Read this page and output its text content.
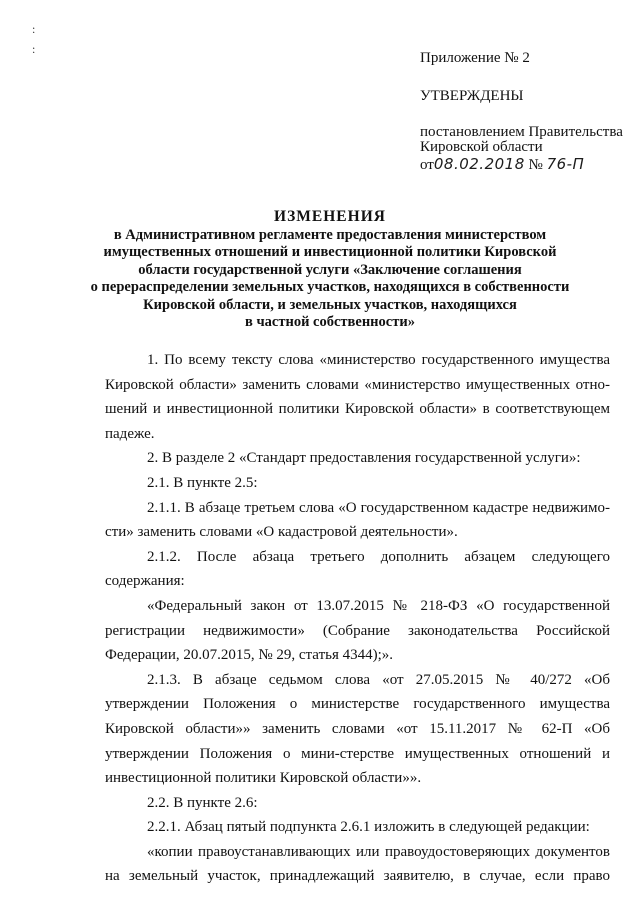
:
:
Приложение № 2
УТВЕРЖДЕНЫ
постановлением Правительства
Кировской области
от08.02.2018 № 76-П
ИЗМЕНЕНИЯ
в Административном регламенте предоставления министерством
имущественных отношений и инвестиционной политики Кировской
области государственной услуги «Заключение соглашения
о перераспределении земельных участков, находящихся в собственности
Кировской области, и земельных участков, находящихся
в частной собственности»

1. По всему тексту слова «министерство государственного имущества Кировской области» заменить словами «министерство имущественных отно-шений и инвестиционной политики Кировской области» в соответствующем падеже.

2. В разделе 2 «Стандарт предоставления государственной услуги»:

2.1. В пункте 2.5:

2.1.1. В абзаце третьем слова «О государственном кадастре недвижимо-сти» заменить словами «О кадастровой деятельности».

2.1.2. После абзаца третьего дополнить абзацем следующего содержания:

«Федеральный закон от 13.07.2015 № 218-ФЗ «О государственной регистрации недвижимости» (Собрание законодательства Российской Федерации, 20.07.2015, № 29, статья 4344);».

2.1.3. В абзаце седьмом слова «от 27.05.2015 № 40/272 «Об утверждении Положения о министерстве государственного имущества Кировской области»» заменить словами «от 15.11.2017 № 62-П «Об утверждении Положения о мини-стерстве имущественных отношений и инвестиционной политики Кировской области»».

2.2. В пункте 2.6:

2.2.1. Абзац пятый подпункта 2.6.1 изложить в следующей редакции:

«копии правоустанавливающих или правоудостоверяющих документов на земельный участок, принадлежащий заявителю, в случае, если право
